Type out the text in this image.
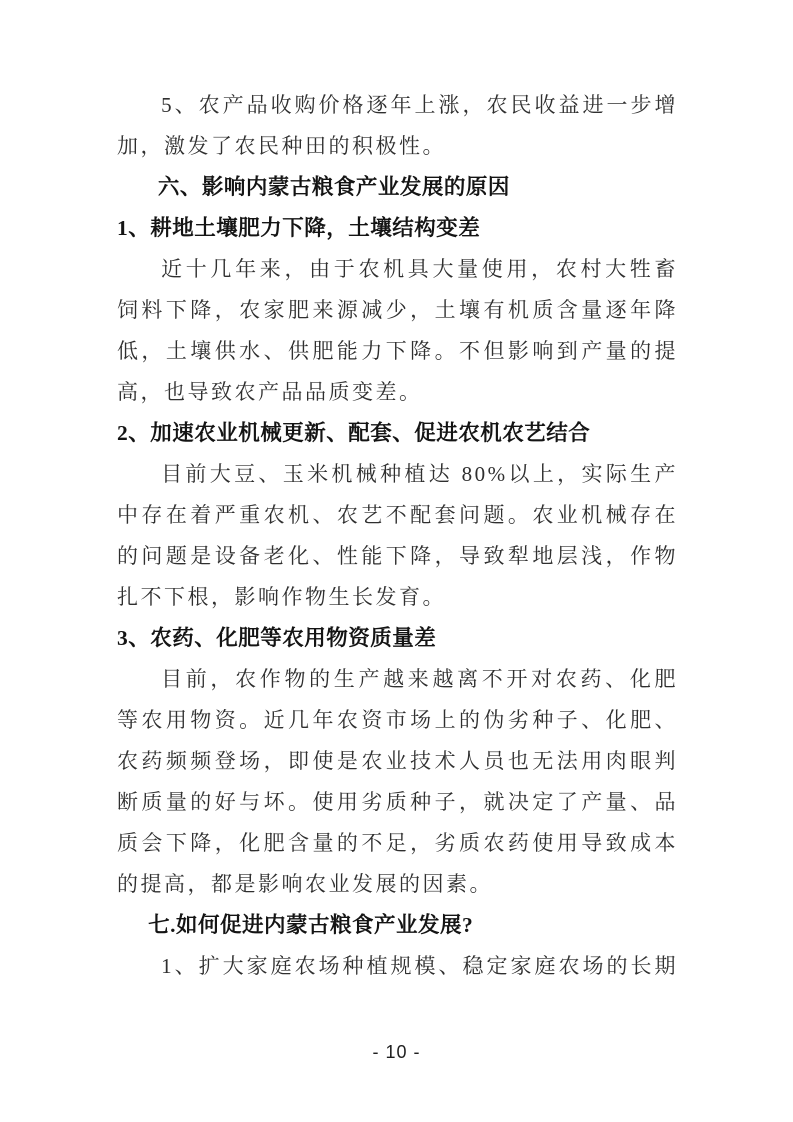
5、农产品收购价格逐年上涨，农民收益进一步增加，激发了农民种田的积极性。

六、影响内蒙古粮食产业发展的原因

1、耕地土壤肥力下降，土壤结构变差

近十几年来，由于农机具大量使用，农村大牲畜饲料下降，农家肥来源减少，土壤有机质含量逐年降低，土壤供水、供肥能力下降。不但影响到产量的提高，也导致农产品品质变差。

2、加速农业机械更新、配套、促进农机农艺结合

目前大豆、玉米机械种植达 80%以上，实际生产中存在着严重农机、农艺不配套问题。农业机械存在的问题是设备老化、性能下降，导致犁地层浅，作物扎不下根，影响作物生长发育。

3、农药、化肥等农用物资质量差

目前，农作物的生产越来越离不开对农药、化肥等农用物资。近几年农资市场上的伪劣种子、化肥、农药频频登场，即使是农业技术人员也无法用肉眼判断质量的好与坏。使用劣质种子，就决定了产量、品质会下降，化肥含量的不足，劣质农药使用导致成本的提高，都是影响农业发展的因素。

七.如何促进内蒙古粮食产业发展?

1、扩大家庭农场种植规模、稳定家庭农场的长期

- 10 -
